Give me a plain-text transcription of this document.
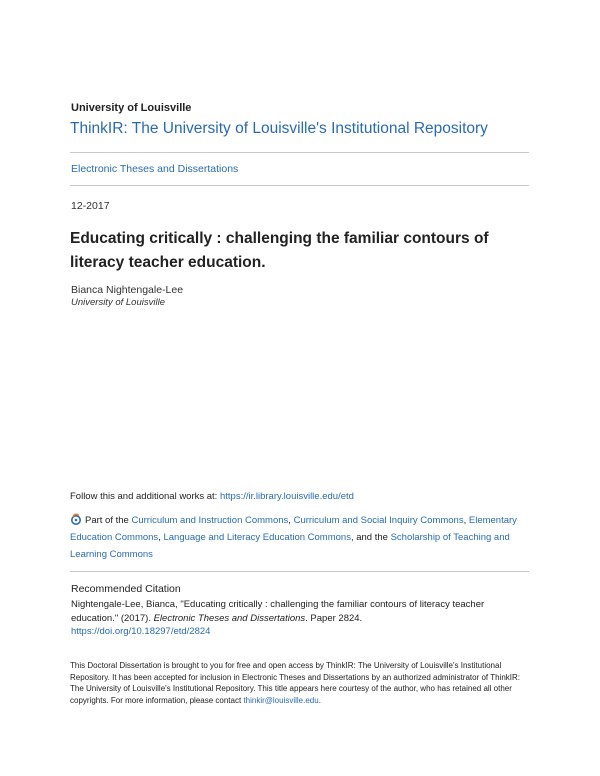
University of Louisville
ThinkIR: The University of Louisville's Institutional Repository
Electronic Theses and Dissertations
12-2017
Educating critically : challenging the familiar contours of literacy teacher education.
Bianca Nightengale-Lee
University of Louisville
Follow this and additional works at: https://ir.library.louisville.edu/etd
Part of the Curriculum and Instruction Commons, Curriculum and Social Inquiry Commons, Elementary Education Commons, Language and Literacy Education Commons, and the Scholarship of Teaching and Learning Commons
Recommended Citation
Nightengale-Lee, Bianca, "Educating critically : challenging the familiar contours of literacy teacher education." (2017). Electronic Theses and Dissertations. Paper 2824.
https://doi.org/10.18297/etd/2824
This Doctoral Dissertation is brought to you for free and open access by ThinkIR: The University of Louisville's Institutional Repository. It has been accepted for inclusion in Electronic Theses and Dissertations by an authorized administrator of ThinkIR: The University of Louisville's Institutional Repository. This title appears here courtesy of the author, who has retained all other copyrights. For more information, please contact thinkir@louisville.edu.
